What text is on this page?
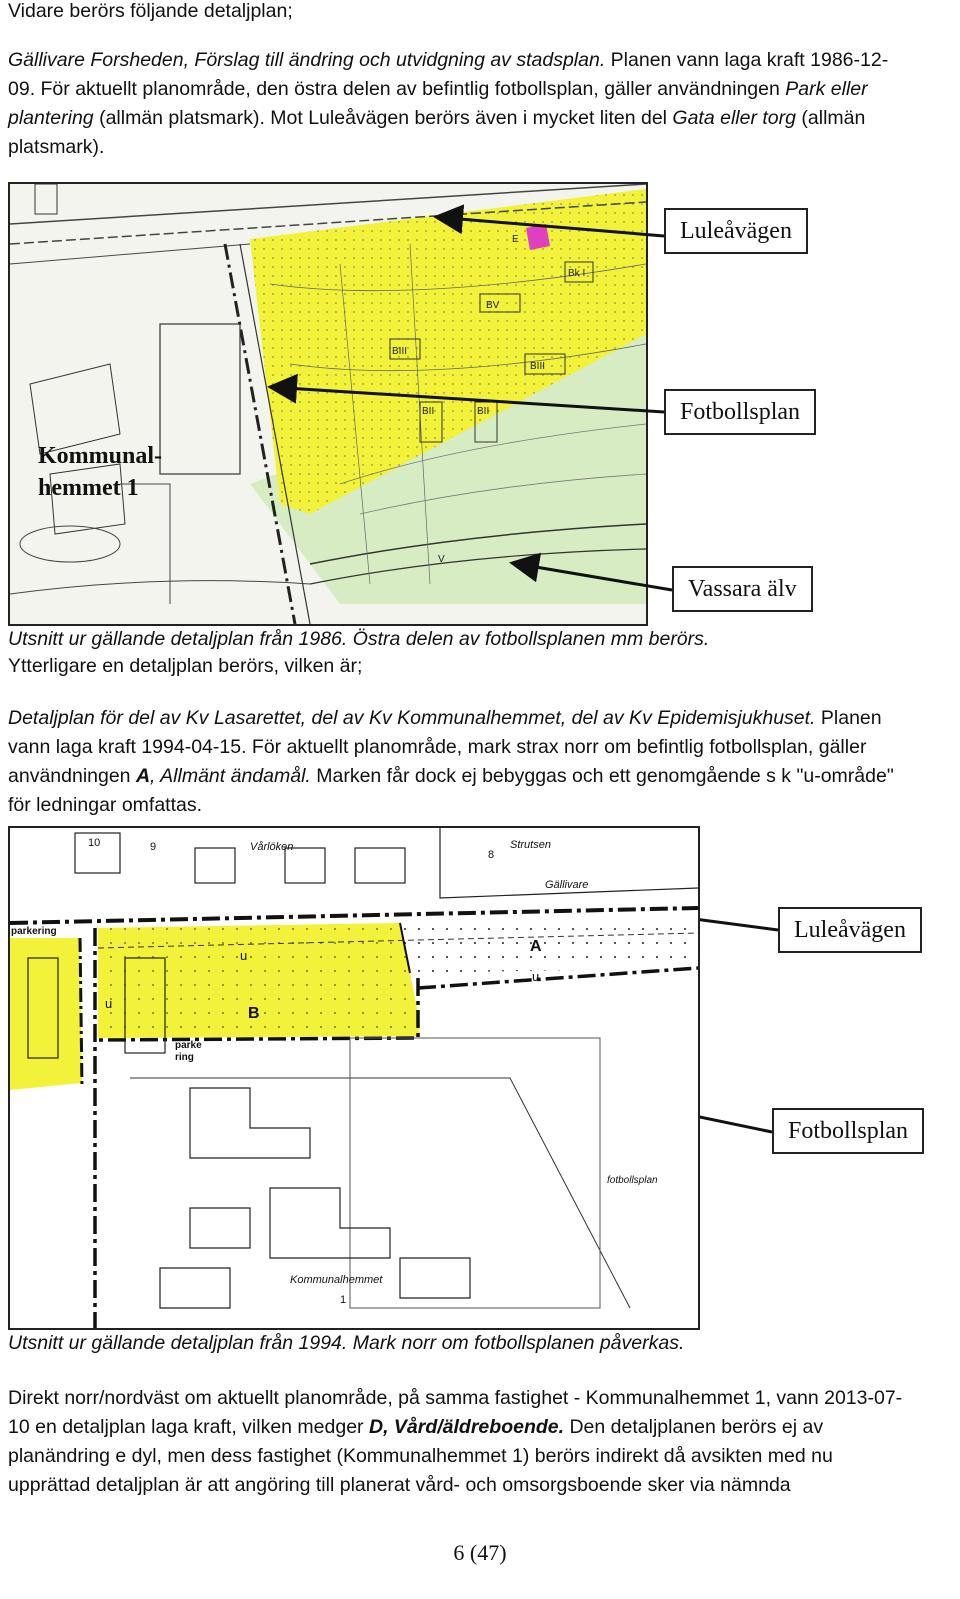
Vidare berörs följande detaljplan;

Gällivare Forsheden, Förslag till ändring och utvidgning av stadsplan. Planen vann laga kraft 1986-12-09. För aktuellt planområde, den östra delen av befintlig fotbollsplan, gäller användningen Park eller plantering (allmän platsmark). Mot Luleåvägen berörs även i mycket liten del Gata eller torg (allmän platsmark).

BV
BIII
BIII
BII	BII
Bk I
E
V
Kommunal-
hemmet 1
Luleåvägen
Fotbollsplan
Vassara älv

Utsnitt ur gällande detaljplan från 1986. Östra delen av fotbollsplanen mm berörs.

Ytterligare en detaljplan berörs, vilken är;

Detaljplan för del av Kv Lasarettet, del av Kv Kommunalhemmet, del av Kv Epidemisjukhuset. Planen vann laga kraft 1994-04-15. För aktuellt planområde, mark strax norr om befintlig fotbollsplan, gäller användningen A, Allmänt ändamål. Marken får dock ej bebyggas och ett genomgående s k "u-område" för ledningar omfattas.

A
B
u
u
u
Kommunalhemmet
fotbollsplan
Gällivare
Strutsen
Vårlöken
parkering
parke
ring
10	9
8
1
Luleåvägen
Fotbollsplan

Utsnitt ur gällande detaljplan från 1994. Mark norr om fotbollsplanen påverkas.

Direkt norr/nordväst om aktuellt planområde, på samma fastighet - Kommunalhemmet 1, vann 2013-07-10 en detaljplan laga kraft, vilken medger D, Vård/äldreboende. Den detaljplanen berörs ej av planändring e dyl, men dess fastighet (Kommunalhemmet 1) berörs indirekt då avsikten med nu upprättad detaljplan är att angöring till planerat vård- och omsorgsboende sker via nämnda

6 (47)
